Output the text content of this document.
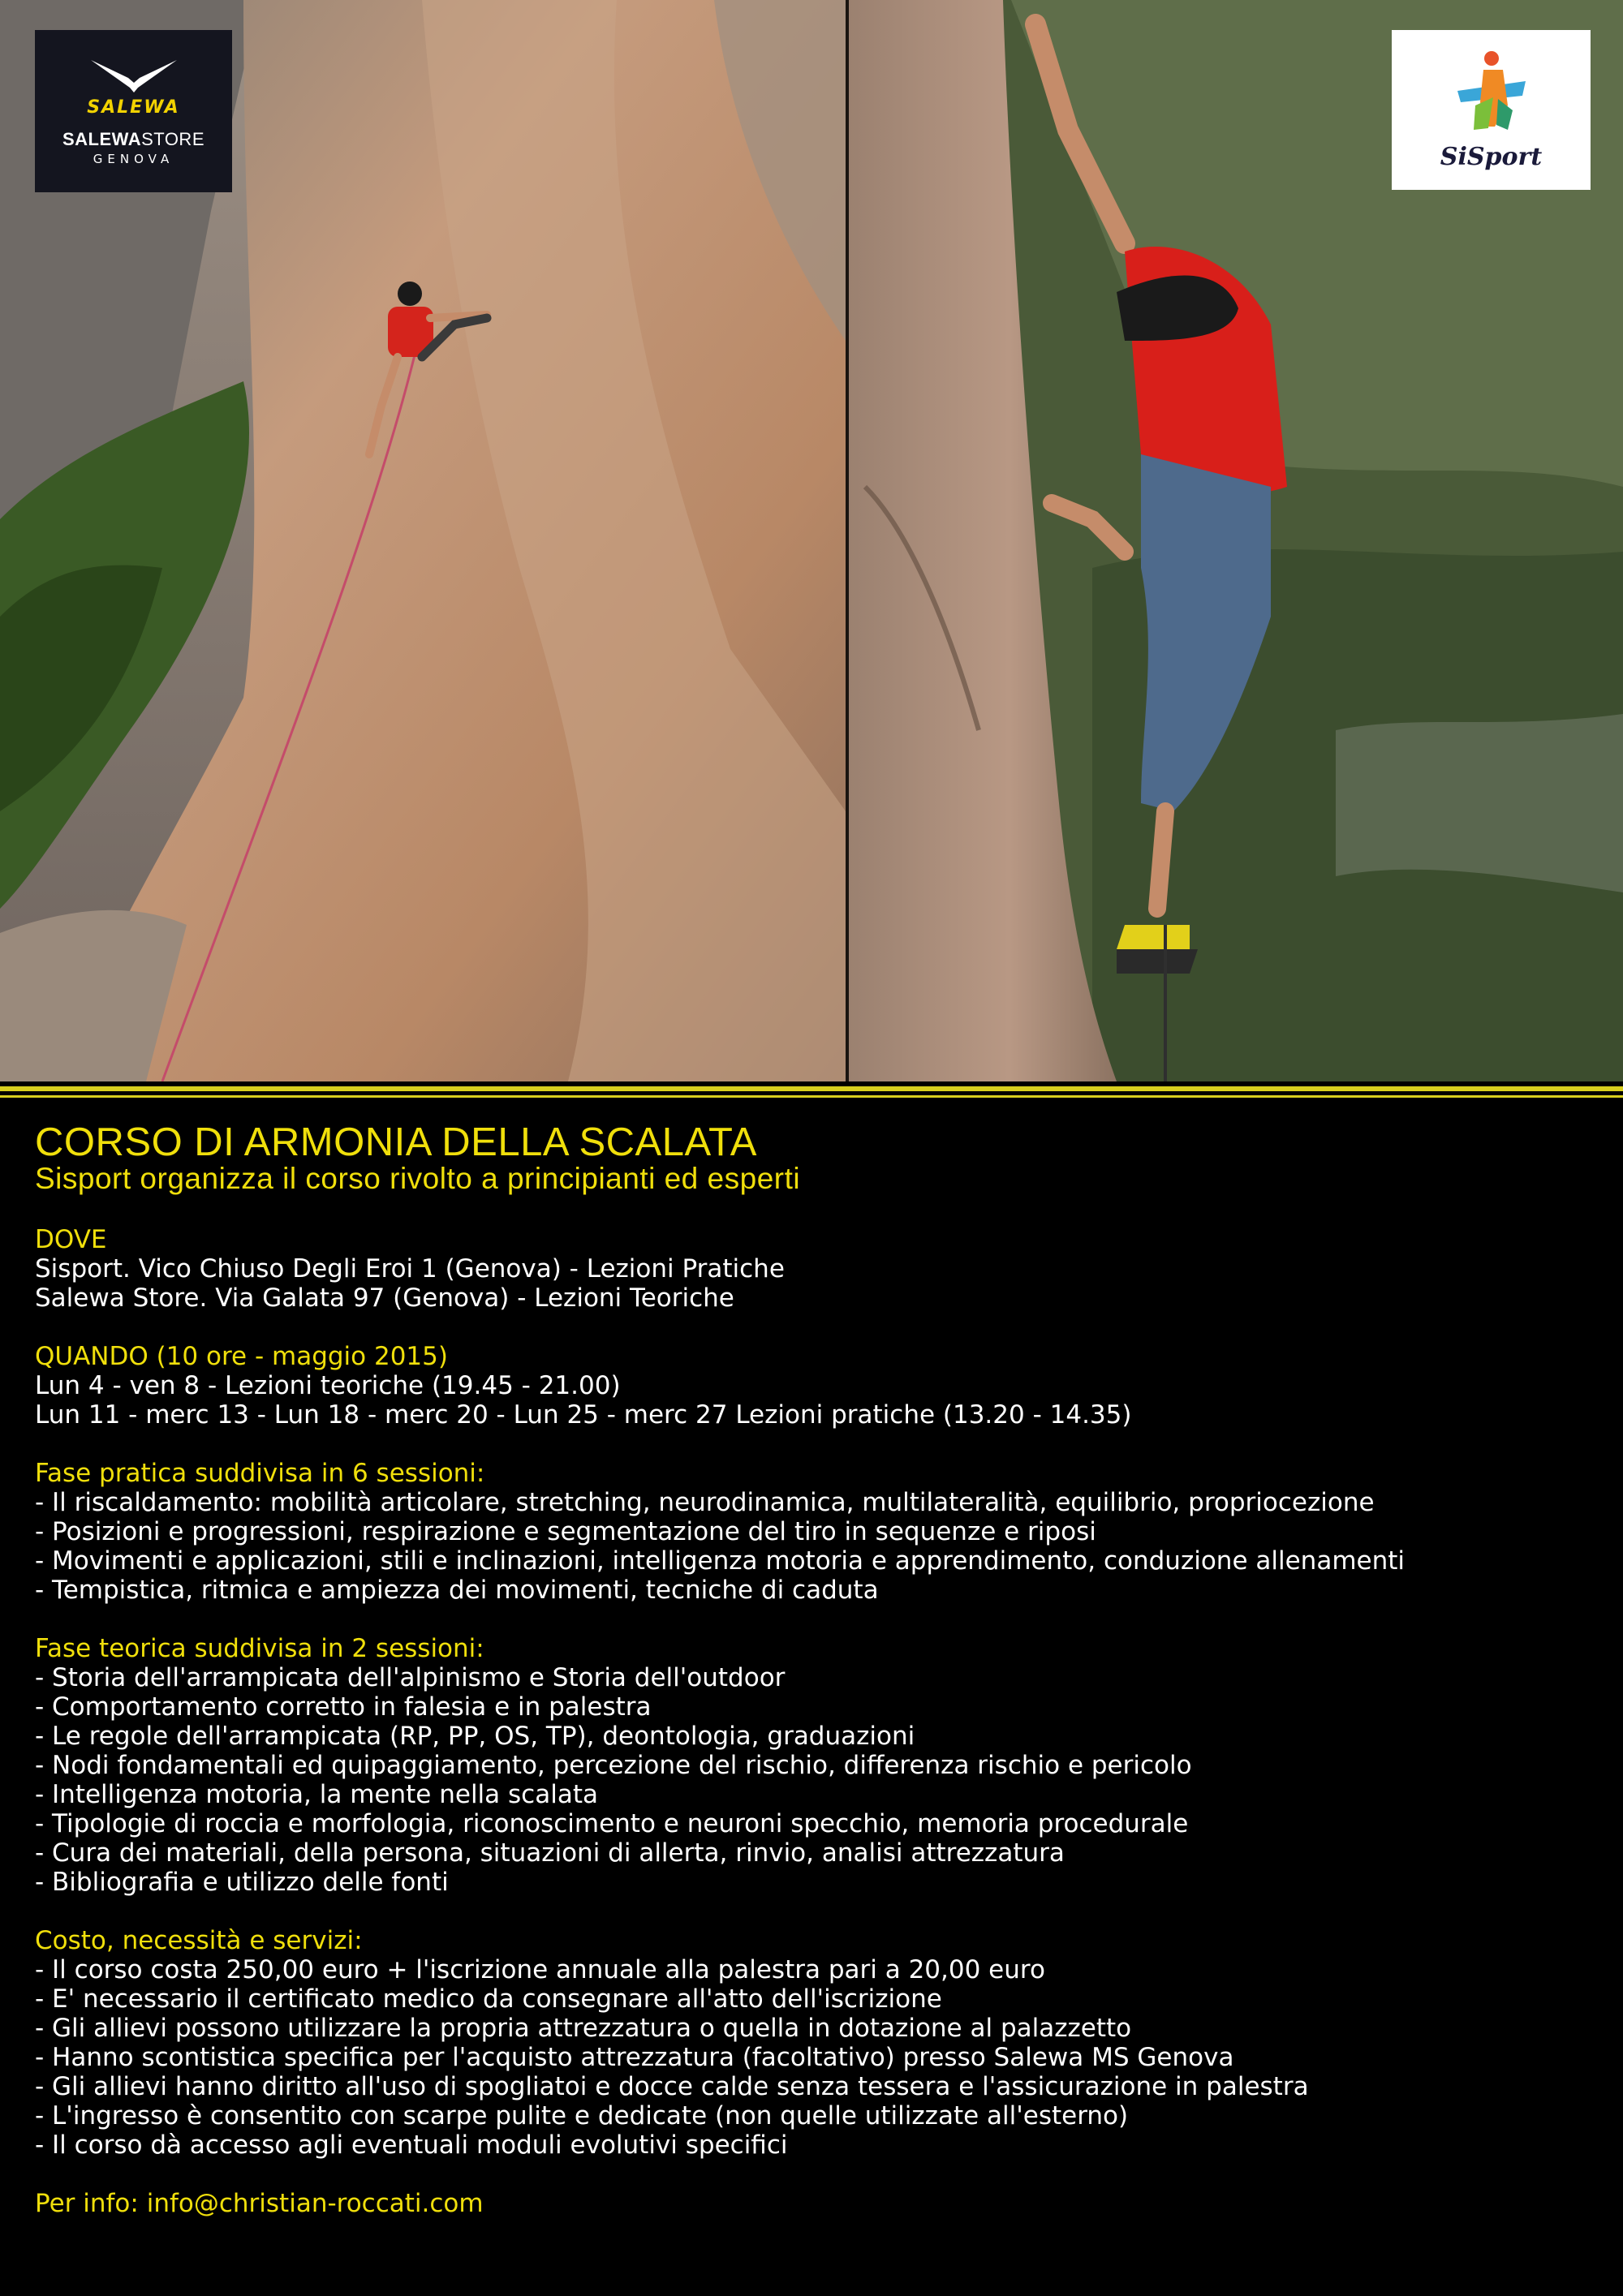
SALEWA
SALEWASTORE
GENOVA	SiSport
CORSO DI ARMONIA DELLA SCALATA
Sisport organizza il corso rivolto a principianti ed esperti
DOVE
Sisport. Vico Chiuso Degli Eroi 1 (Genova) - Lezioni Pratiche
Salewa Store. Via Galata 97 (Genova) - Lezioni Teoriche
QUANDO (10 ore - maggio 2015)
Lun 4 - ven 8 - Lezioni teoriche (19.45 - 21.00)
Lun 11 - merc 13 - Lun 18 - merc 20 - Lun 25 - merc 27 Lezioni pratiche (13.20 - 14.35)
Fase pratica suddivisa in 6 sessioni:
- Il riscaldamento: mobilità articolare, stretching, neurodinamica, multilateralità, equilibrio, propriocezione
- Posizioni e progressioni, respirazione e segmentazione del tiro in sequenze e riposi
- Movimenti e applicazioni, stili e inclinazioni, intelligenza motoria e apprendimento, conduzione allenamenti
- Tempistica, ritmica e ampiezza dei movimenti, tecniche di caduta
Fase teorica suddivisa in 2 sessioni:
- Storia dell'arrampicata dell'alpinismo e Storia dell'outdoor
- Comportamento corretto in falesia e in palestra
- Le regole dell'arrampicata (RP, PP, OS, TP), deontologia, graduazioni
- Nodi fondamentali ed quipaggiamento, percezione del rischio, differenza rischio e pericolo
- Intelligenza motoria, la mente nella scalata
- Tipologie di roccia e morfologia, riconoscimento e neuroni specchio, memoria procedurale
- Cura dei materiali, della persona, situazioni di allerta, rinvio, analisi attrezzatura
- Bibliografia e utilizzo delle fonti
Costo, necessità e servizi:
- Il corso costa 250,00 euro + l'iscrizione annuale alla palestra pari a 20,00 euro
- E' necessario il certificato medico da consegnare all'atto dell'iscrizione
- Gli allievi possono utilizzare la propria attrezzatura o quella in dotazione al palazzetto
- Hanno scontistica specifica per l'acquisto attrezzatura (facoltativo) presso Salewa MS Genova
- Gli allievi hanno diritto all'uso di spogliatoi e docce calde senza tessera e l'assicurazione in palestra
- L'ingresso è consentito con scarpe pulite e dedicate (non quelle utilizzate all'esterno)
- Il corso dà accesso agli eventuali moduli evolutivi specifici
Per info: info@christian-roccati.com
